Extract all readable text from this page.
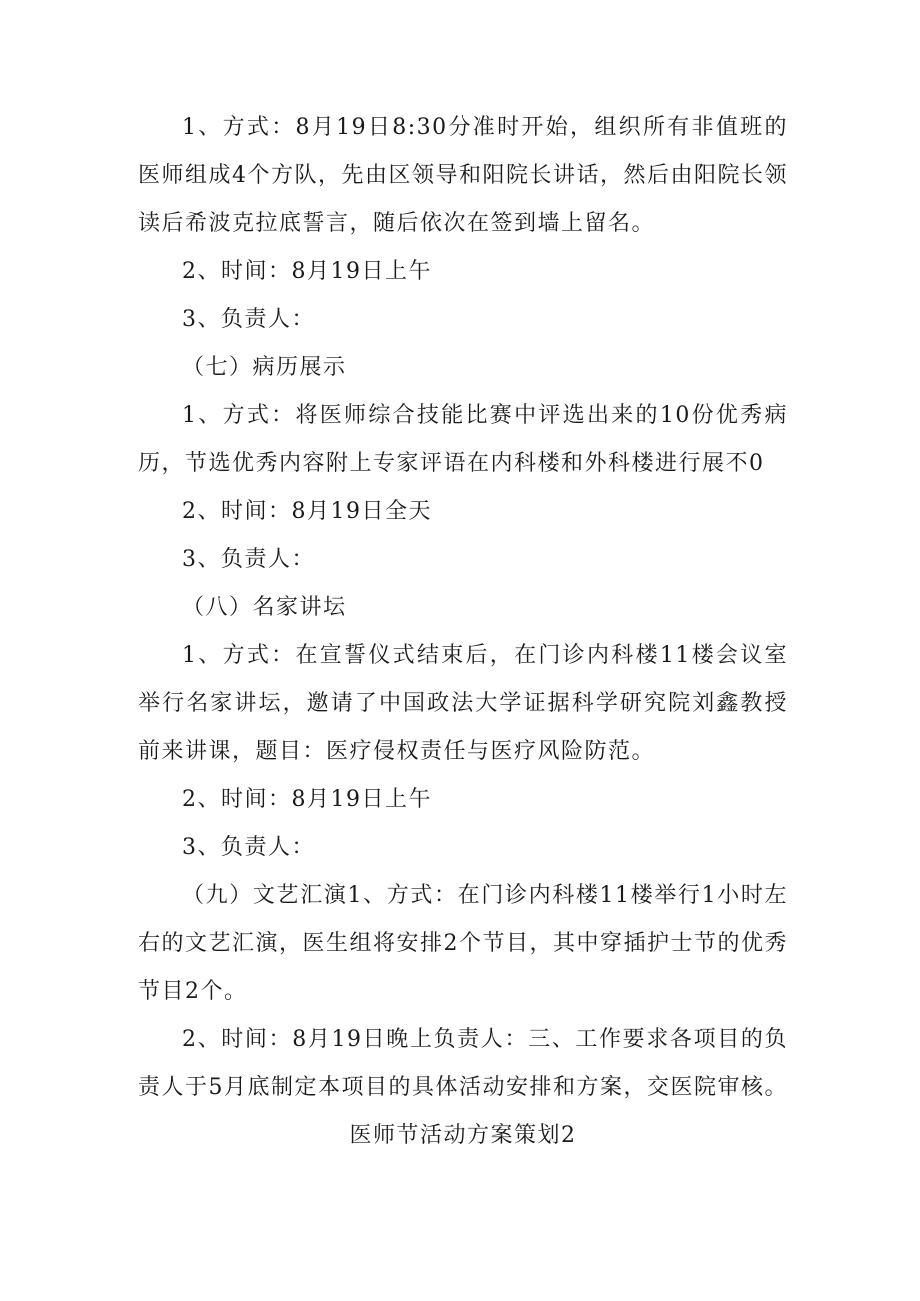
1、方式：8月19日8:30分准时开始，组织所有非值班的医师组成4个方队，先由区领导和阳院长讲话，然后由阳院长领读后希波克拉底誓言，随后依次在签到墙上留名。

2、时间：8月19日上午

3、负责人：

（七）病历展示

1、方式：将医师综合技能比赛中评选出来的10份优秀病历，节选优秀内容附上专家评语在内科楼和外科楼进行展不0

2、时间：8月19日全天

3、负责人：

（八）名家讲坛

1、方式：在宣誓仪式结束后，在门诊内科楼11楼会议室举行名家讲坛，邀请了中国政法大学证据科学研究院刘鑫教授前来讲课，题目：医疗侵权责任与医疗风险防范。

2、时间：8月19日上午

3、负责人：

（九）文艺汇演1、方式：在门诊内科楼11楼举行1小时左右的文艺汇演，医生组将安排2个节目，其中穿插护士节的优秀节目2个。

2、时间：8月19日晚上负责人：三、工作要求各项目的负责人于5月底制定本项目的具体活动安排和方案，交医院审核。

医师节活动方案策划2
